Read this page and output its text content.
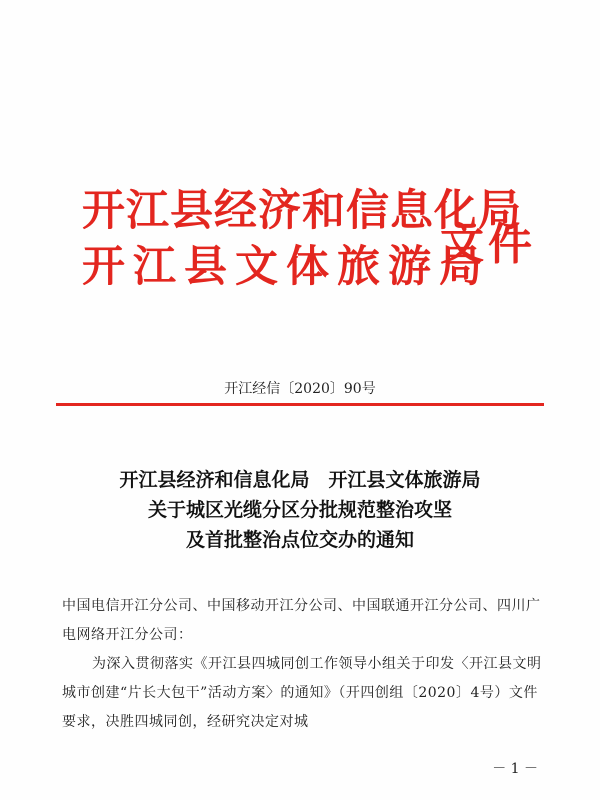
开江县经济和信息化局
开江县文体旅游局
文件
开江经信〔2020〕90号
开江县经济和信息化局　开江县文体旅游局
关于城区光缆分区分批规范整治攻坚
及首批整治点位交办的通知

中国电信开江分公司、中国移动开江分公司、中国联通开江分公司、四川广电网络开江分公司：

为深入贯彻落实《开江县四城同创工作领导小组关于印发〈开江县文明城市创建“片长大包干”活动方案〉的通知》（开四创组〔2020〕4号）文件要求，决胜四城同创，经研究决定对城

－ 1 －
